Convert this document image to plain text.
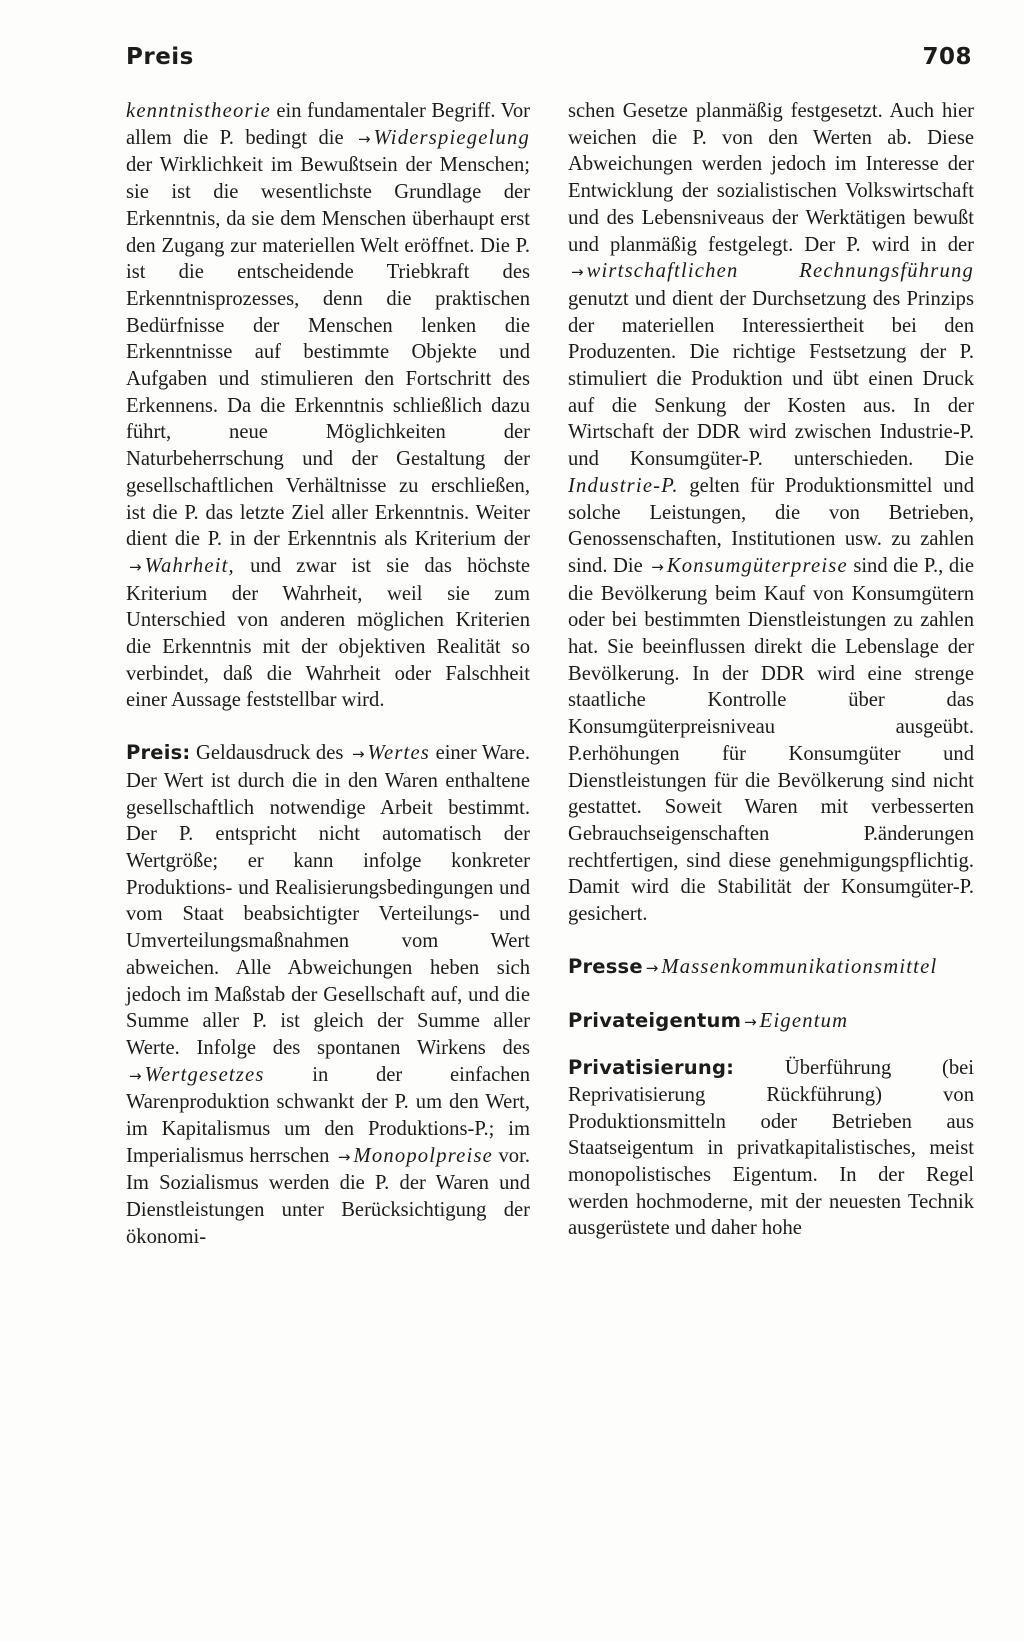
Preis	708

kenntnistheorie ein fundamentaler Begriff. Vor allem die P. bedingt die → Widerspiegelung der Wirklichkeit im Bewußtsein der Menschen; sie ist die wesentlichste Grundlage der Erkenntnis, da sie dem Menschen überhaupt erst den Zugang zur materiellen Welt eröffnet. Die P. ist die entscheidende Triebkraft des Erkenntnisprozesses, denn die praktischen Bedürfnisse der Menschen lenken die Erkenntnisse auf bestimmte Objekte und Aufgaben und stimulieren den Fortschritt des Erkennens. Da die Erkenntnis schließlich dazu führt, neue Möglichkeiten der Naturbeherrschung und der Gestaltung der gesellschaftlichen Verhältnisse zu erschließen, ist die P. das letzte Ziel aller Erkenntnis. Weiter dient die P. in der Erkenntnis als Kriterium der → Wahrheit, und zwar ist sie das höchste Kriterium der Wahrheit, weil sie zum Unterschied von anderen möglichen Kriterien die Erkenntnis mit der objektiven Realität so verbindet, daß die Wahrheit oder Falschheit einer Aussage feststellbar wird.

Preis: Geldausdruck des → Wertes einer Ware. Der Wert ist durch die in den Waren enthaltene gesellschaftlich notwendige Arbeit bestimmt. Der P. entspricht nicht automatisch der Wertgröße; er kann infolge konkreter Produktions- und Realisierungsbedingungen und vom Staat beabsichtigter Verteilungs- und Umverteilungsmaßnahmen vom Wert abweichen. Alle Abweichungen heben sich jedoch im Maßstab der Gesellschaft auf, und die Summe aller P. ist gleich der Summe aller Werte. Infolge des spontanen Wirkens des → Wertgesetzes in der einfachen Warenproduktion schwankt der P. um den Wert, im Kapitalismus um den Produktions-P.; im Imperialismus herrschen → Monopolpreise vor. Im Sozialismus werden die P. der Waren und Dienstleistungen unter Berücksichtigung der ökonomi-

schen Gesetze planmäßig festgesetzt. Auch hier weichen die P. von den Werten ab. Diese Abweichungen werden jedoch im Interesse der Entwicklung der sozialistischen Volkswirtschaft und des Lebensniveaus der Werktätigen bewußt und planmäßig festgelegt. Der P. wird in der → wirtschaftlichen Rechnungsführung genutzt und dient der Durchsetzung des Prinzips der materiellen Interessiertheit bei den Produzenten. Die richtige Festsetzung der P. stimuliert die Produktion und übt einen Druck auf die Senkung der Kosten aus. In der Wirtschaft der DDR wird zwischen Industrie-P. und Konsumgüter-P. unterschieden. Die Industrie-P. gelten für Produktionsmittel und solche Leistungen, die von Betrieben, Genossenschaften, Institutionen usw. zu zahlen sind. Die → Konsumgüterpreise sind die P., die die Bevölkerung beim Kauf von Konsumgütern oder bei bestimmten Dienstleistungen zu zahlen hat. Sie beeinflussen direkt die Lebenslage der Bevölkerung. In der DDR wird eine strenge staatliche Kontrolle über das Konsumgüterpreisniveau ausgeübt. P.erhöhungen für Konsumgüter und Dienstleistungen für die Bevölkerung sind nicht gestattet. Soweit Waren mit verbesserten Gebrauchseigenschaften P.änderungen rechtfertigen, sind diese genehmigungspflichtig. Damit wird die Stabilität der Konsumgüter-P. gesichert.

Presse → Massenkommunikationsmittel

Privateigentum → Eigentum

Privatisierung: Überführung (bei Reprivatisierung Rückführung) von Produktionsmitteln oder Betrieben aus Staatseigentum in privatkapitalistisches, meist monopolistisches Eigentum. In der Regel werden hochmoderne, mit der neuesten Technik ausgerüstete und daher hohe
